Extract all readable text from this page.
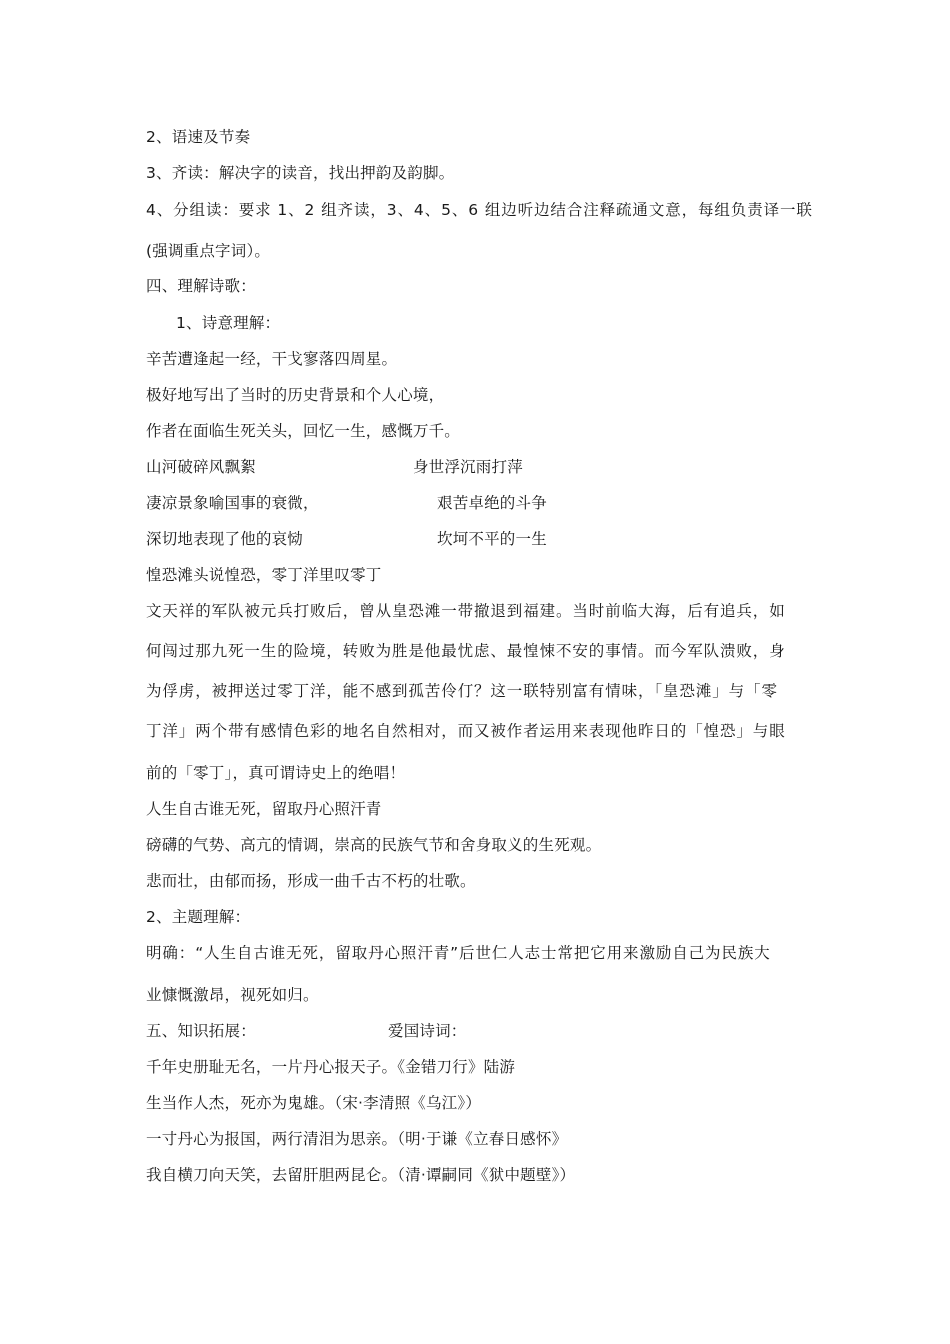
2、语速及节奏
3、齐读：解决字的读音，找出押韵及韵脚。
4、分组读：要求 1、2 组齐读，3、4、5、6 组边听边结合注释疏通文意，每组负责译一联
(强调重点字词）。
四、理解诗歌：
1、诗意理解：
辛苦遭逢起一经，干戈寥落四周星。
极好地写出了当时的历史背景和个人心境，
作者在面临生死关头，回忆一生，感慨万千。
山河破碎风飘絮	身世浮沉雨打萍
凄凉景象喻国事的衰微，	艰苦卓绝的斗争
深切地表现了他的哀恸	坎坷不平的一生
惶恐滩头说惶恐，零丁洋里叹零丁
文天祥的军队被元兵打败后，曾从皇恐滩一带撤退到福建。当时前临大海，后有追兵，如
何闯过那九死一生的险境，转败为胜是他最忧虑、最惶悚不安的事情。而今军队溃败，身
为俘虏，被押送过零丁洋，能不感到孤苦伶仃？这一联特别富有情味，「皇恐滩」与「零
丁洋」两个带有感情色彩的地名自然相对，而又被作者运用来表现他昨日的「惶恐」与眼
前的「零丁」，真可谓诗史上的绝唱！
人生自古谁无死，留取丹心照汗青
磅礴的气势、高亢的情调，崇高的民族气节和舍身取义的生死观。
悲而壮，由郁而扬，形成一曲千古不朽的壮歌。
2、主题理解：
明确：“人生自古谁无死，留取丹心照汗青”后世仁人志士常把它用来激励自己为民族大
业慷慨激昂，视死如归。
五、知识拓展：	爱国诗词：
千年史册耻无名，一片丹心报天子。《金错刀行》陆游
生当作人杰，死亦为鬼雄。（宋·李清照《乌江》）
一寸丹心为报国，两行清泪为思亲。（明·于谦《立春日感怀》
我自横刀向天笑，去留肝胆两昆仑。（清·谭嗣同《狱中题壁》）
